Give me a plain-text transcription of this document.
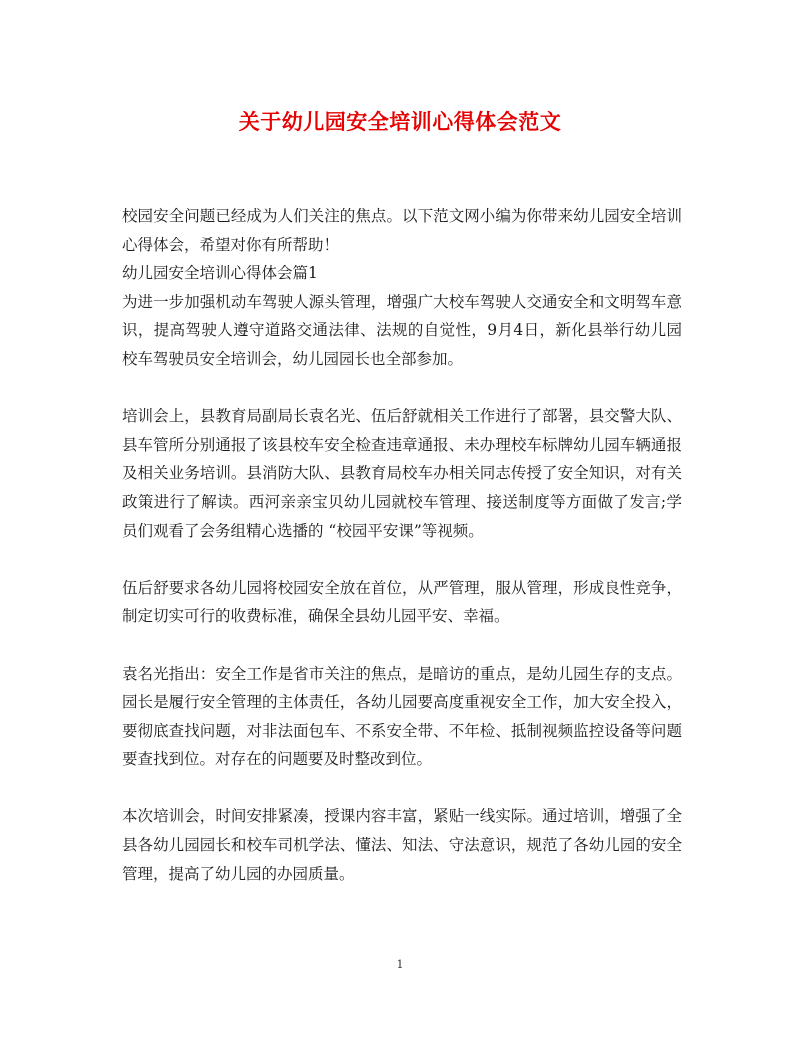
关于幼儿园安全培训心得体会范文

校园安全问题已经成为人们关注的焦点。以下范文网小编为你带来幼儿园安全培训心得体会，希望对你有所帮助！

幼儿园安全培训心得体会篇1

为进一步加强机动车驾驶人源头管理，增强广大校车驾驶人交通安全和文明驾车意识，提高驾驶人遵守道路交通法律、法规的自觉性，9月4日，新化县举行幼儿园校车驾驶员安全培训会，幼儿园园长也全部参加。

培训会上，县教育局副局长袁名光、伍后舒就相关工作进行了部署，县交警大队、县车管所分别通报了该县校车安全检查违章通报、未办理校车标牌幼儿园车辆通报及相关业务培训。县消防大队、县教育局校车办相关同志传授了安全知识，对有关政策进行了解读。西河亲亲宝贝幼儿园就校车管理、接送制度等方面做了发言;学员们观看了会务组精心选播的 “校园平安课”等视频。

伍后舒要求各幼儿园将校园安全放在首位，从严管理，服从管理，形成良性竞争，制定切实可行的收费标准，确保全县幼儿园平安、幸福。

袁名光指出：安全工作是省市关注的焦点，是暗访的重点，是幼儿园生存的支点。园长是履行安全管理的主体责任，各幼儿园要高度重视安全工作，加大安全投入，要彻底查找问题，对非法面包车、不系安全带、不年检、抵制视频监控设备等问题要查找到位。对存在的问题要及时整改到位。

本次培训会，时间安排紧凑，授课内容丰富，紧贴一线实际。通过培训，增强了全县各幼儿园园长和校车司机学法、懂法、知法、守法意识，规范了各幼儿园的安全管理，提高了幼儿园的办园质量。

1
